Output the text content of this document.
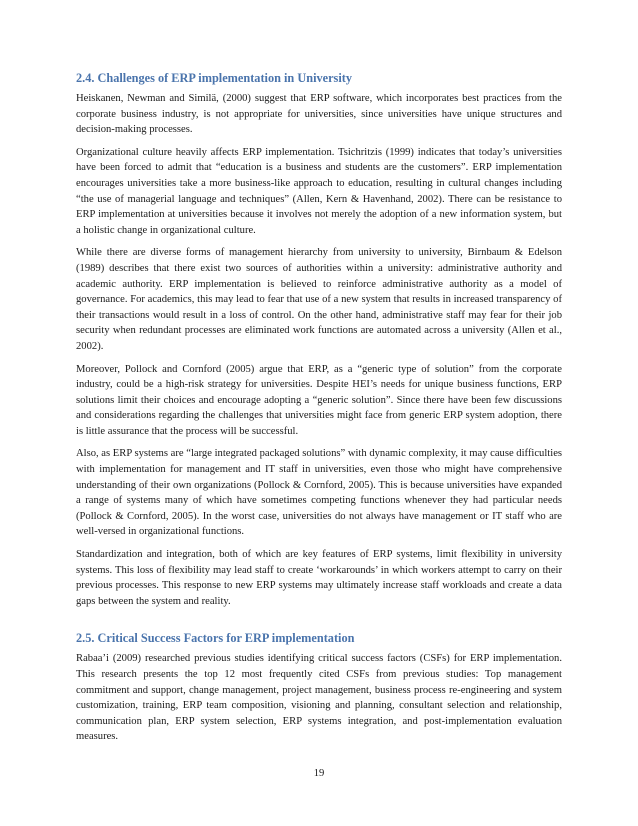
2.4. Challenges of ERP implementation in University

Heiskanen, Newman and Similä, (2000) suggest that ERP software, which incorporates best practices from the corporate business industry, is not appropriate for universities, since universities have unique structures and decision-making processes.

Organizational culture heavily affects ERP implementation. Tsichritzis (1999) indicates that today’s universities have been forced to admit that “education is a business and students are the customers”. ERP implementation encourages universities take a more business-like approach to education, resulting in cultural changes including “the use of managerial language and techniques” (Allen, Kern & Havenhand, 2002). There can be resistance to ERP implementation at universities because it involves not merely the adoption of a new information system, but a holistic change in organizational culture.

While there are diverse forms of management hierarchy from university to university, Birnbaum & Edelson (1989) describes that there exist two sources of authorities within a university: administrative authority and academic authority. ERP implementation is believed to reinforce administrative authority as a model of governance. For academics, this may lead to fear that use of a new system that results in increased transparency of their transactions would result in a loss of control. On the other hand, administrative staff may fear for their job security when redundant processes are eliminated work functions are automated across a university (Allen et al., 2002).

Moreover, Pollock and Cornford (2005) argue that ERP, as a “generic type of solution” from the corporate industry, could be a high-risk strategy for universities. Despite HEI’s needs for unique business functions, ERP solutions limit their choices and encourage adopting a “generic solution”. Since there have been few discussions and considerations regarding the challenges that universities might face from generic ERP system adoption, there is little assurance that the process will be successful.

Also, as ERP systems are “large integrated packaged solutions” with dynamic complexity, it may cause difficulties with implementation for management and IT staff in universities, even those who might have comprehensive understanding of their own organizations (Pollock & Cornford, 2005). This is because universities have expanded a range of systems many of which have sometimes competing functions whenever they had particular needs (Pollock & Cornford, 2005). In the worst case, universities do not always have management or IT staff who are well-versed in organizational functions.

Standardization and integration, both of which are key features of ERP systems, limit flexibility in university systems. This loss of flexibility may lead staff to create ‘workarounds’ in which workers attempt to carry on their previous processes. This response to new ERP systems may ultimately increase staff workloads and create a data gaps between the system and reality.

2.5. Critical Success Factors for ERP implementation

Rabaa’i (2009) researched previous studies identifying critical success factors (CSFs) for ERP implementation. This research presents the top 12 most frequently cited CSFs from previous studies: Top management commitment and support, change management, project management, business process re-engineering and system customization, training, ERP team composition, visioning and planning, consultant selection and relationship, communication plan, ERP system selection, ERP systems integration, and post-implementation evaluation measures.

19
